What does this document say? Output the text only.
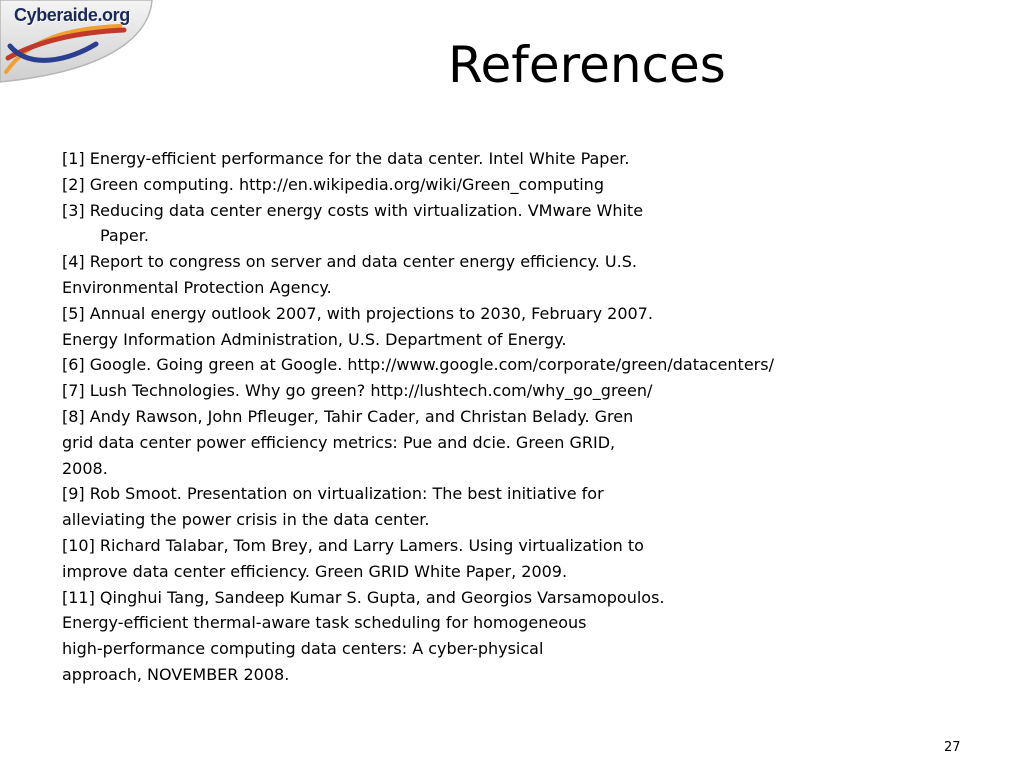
Cyberaide.org
References
[1] Energy-efficient performance for the data center. Intel White Paper.
[2] Green computing. http://en.wikipedia.org/wiki/Green_computing
[3] Reducing data center energy costs with virtualization. VMware White
Paper.
[4] Report to congress on server and data center energy efficiency. U.S.
Environmental Protection Agency.
[5] Annual energy outlook 2007, with projections to 2030, February 2007.
Energy Information Administration, U.S. Department of Energy.
[6] Google. Going green at Google. http://www.google.com/corporate/green/datacenters/
[7] Lush Technologies. Why go green? http://lushtech.com/why_go_green/
[8] Andy Rawson, John Pfleuger, Tahir Cader, and Christan Belady. Gren
grid data center power efficiency metrics: Pue and dcie. Green GRID,
2008.
[9] Rob Smoot. Presentation on virtualization: The best initiative for
alleviating the power crisis in the data center.
[10] Richard Talabar, Tom Brey, and Larry Lamers. Using virtualization to
improve data center efficiency. Green GRID White Paper, 2009.
[11] Qinghui Tang, Sandeep Kumar S. Gupta, and Georgios Varsamopoulos.
Energy-efficient thermal-aware task scheduling for homogeneous
high-performance computing data centers: A cyber-physical
approach, NOVEMBER 2008.
27
